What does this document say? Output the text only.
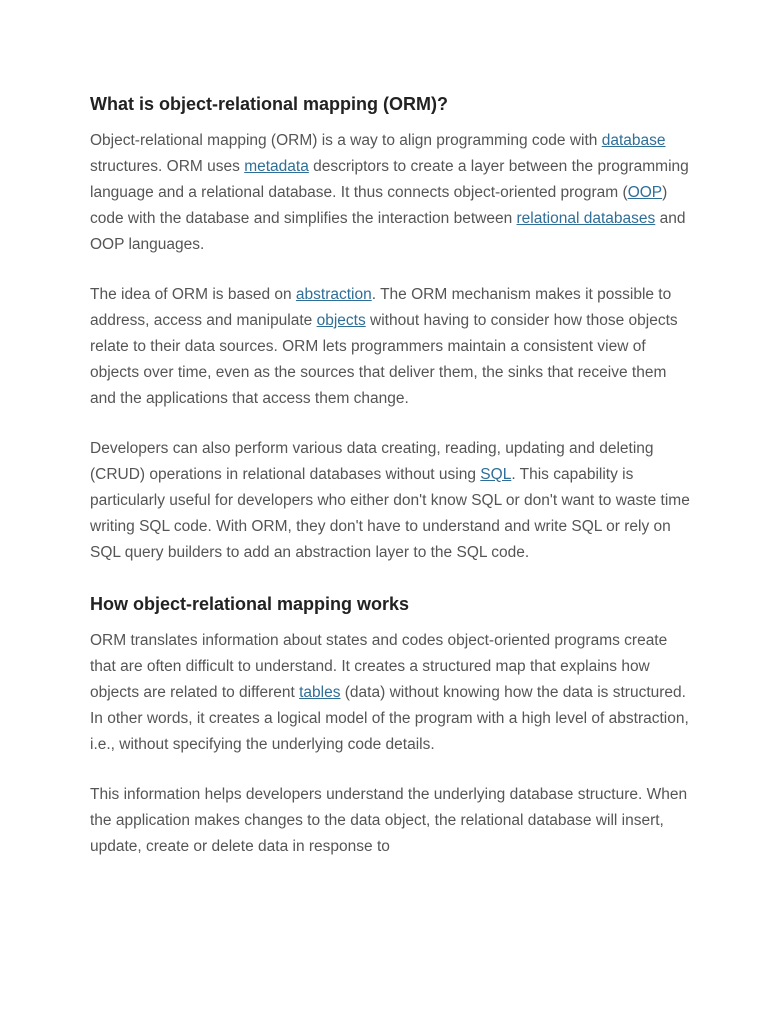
What is object-relational mapping (ORM)?

Object-relational mapping (ORM) is a way to align programming code with database structures. ORM uses metadata descriptors to create a layer between the programming language and a relational database. It thus connects object-oriented program (OOP) code with the database and simplifies the interaction between relational databases and OOP languages.

The idea of ORM is based on abstraction. The ORM mechanism makes it possible to address, access and manipulate objects without having to consider how those objects relate to their data sources. ORM lets programmers maintain a consistent view of objects over time, even as the sources that deliver them, the sinks that receive them and the applications that access them change.

Developers can also perform various data creating, reading, updating and deleting (CRUD) operations in relational databases without using SQL. This capability is particularly useful for developers who either don't know SQL or don't want to waste time writing SQL code. With ORM, they don't have to understand and write SQL or rely on SQL query builders to add an abstraction layer to the SQL code.

How object-relational mapping works

ORM translates information about states and codes object-oriented programs create that are often difficult to understand. It creates a structured map that explains how objects are related to different tables (data) without knowing how the data is structured. In other words, it creates a logical model of the program with a high level of abstraction, i.e., without specifying the underlying code details.

This information helps developers understand the underlying database structure. When the application makes changes to the data object, the relational database will insert, update, create or delete data in response to
